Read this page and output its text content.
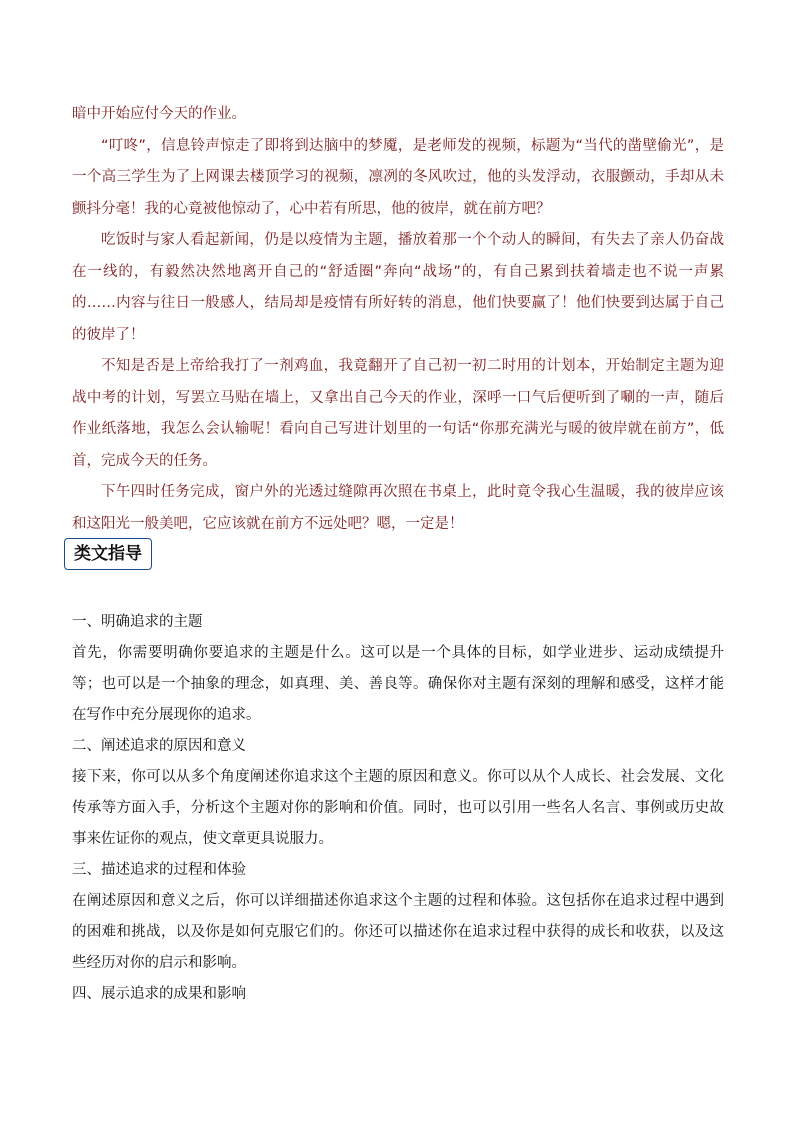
暗中开始应付今天的作业。

“叮咚”，信息铃声惊走了即将到达脑中的梦魇，是老师发的视频，标题为“当代的凿壁偷光”，是一个高三学生为了上网课去楼顶学习的视频，凛冽的冬风吹过，他的头发浮动，衣服颤动，手却从未颤抖分毫！我的心竟被他惊动了，心中若有所思，他的彼岸，就在前方吧？

吃饭时与家人看起新闻，仍是以疫情为主题，播放着那一个个动人的瞬间，有失去了亲人仍奋战在一线的，有毅然决然地离开自己的“舒适圈”奔向“战场”的，有自己累到扶着墙走也不说一声累的……内容与往日一般感人，结局却是疫情有所好转的消息，他们快要赢了！他们快要到达属于自己的彼岸了！

不知是否是上帝给我打了一剂鸡血，我竟翻开了自己初一初二时用的计划本，开始制定主题为迎战中考的计划，写罢立马贴在墙上，又拿出自己今天的作业，深呼一口气后便听到了唰的一声，随后作业纸落地，我怎么会认输呢！看向自己写进计划里的一句话“你那充满光与暖的彼岸就在前方”，低首，完成今天的任务。

下午四时任务完成，窗户外的光透过缝隙再次照在书桌上，此时竟令我心生温暖，我的彼岸应该和这阳光一般美吧，它应该就在前方不远处吧？嗯，一定是！

类文指导

一、明确追求的主题

首先，你需要明确你要追求的主题是什么。这可以是一个具体的目标，如学业进步、运动成绩提升等；也可以是一个抽象的理念，如真理、美、善良等。确保你对主题有深刻的理解和感受，这样才能在写作中充分展现你的追求。

二、阐述追求的原因和意义

接下来，你可以从多个角度阐述你追求这个主题的原因和意义。你可以从个人成长、社会发展、文化传承等方面入手，分析这个主题对你的影响和价值。同时，也可以引用一些名人名言、事例或历史故事来佐证你的观点，使文章更具说服力。

三、描述追求的过程和体验

在阐述原因和意义之后，你可以详细描述你追求这个主题的过程和体验。这包括你在追求过程中遇到的困难和挑战，以及你是如何克服它们的。你还可以描述你在追求过程中获得的成长和收获，以及这些经历对你的启示和影响。

四、展示追求的成果和影响
